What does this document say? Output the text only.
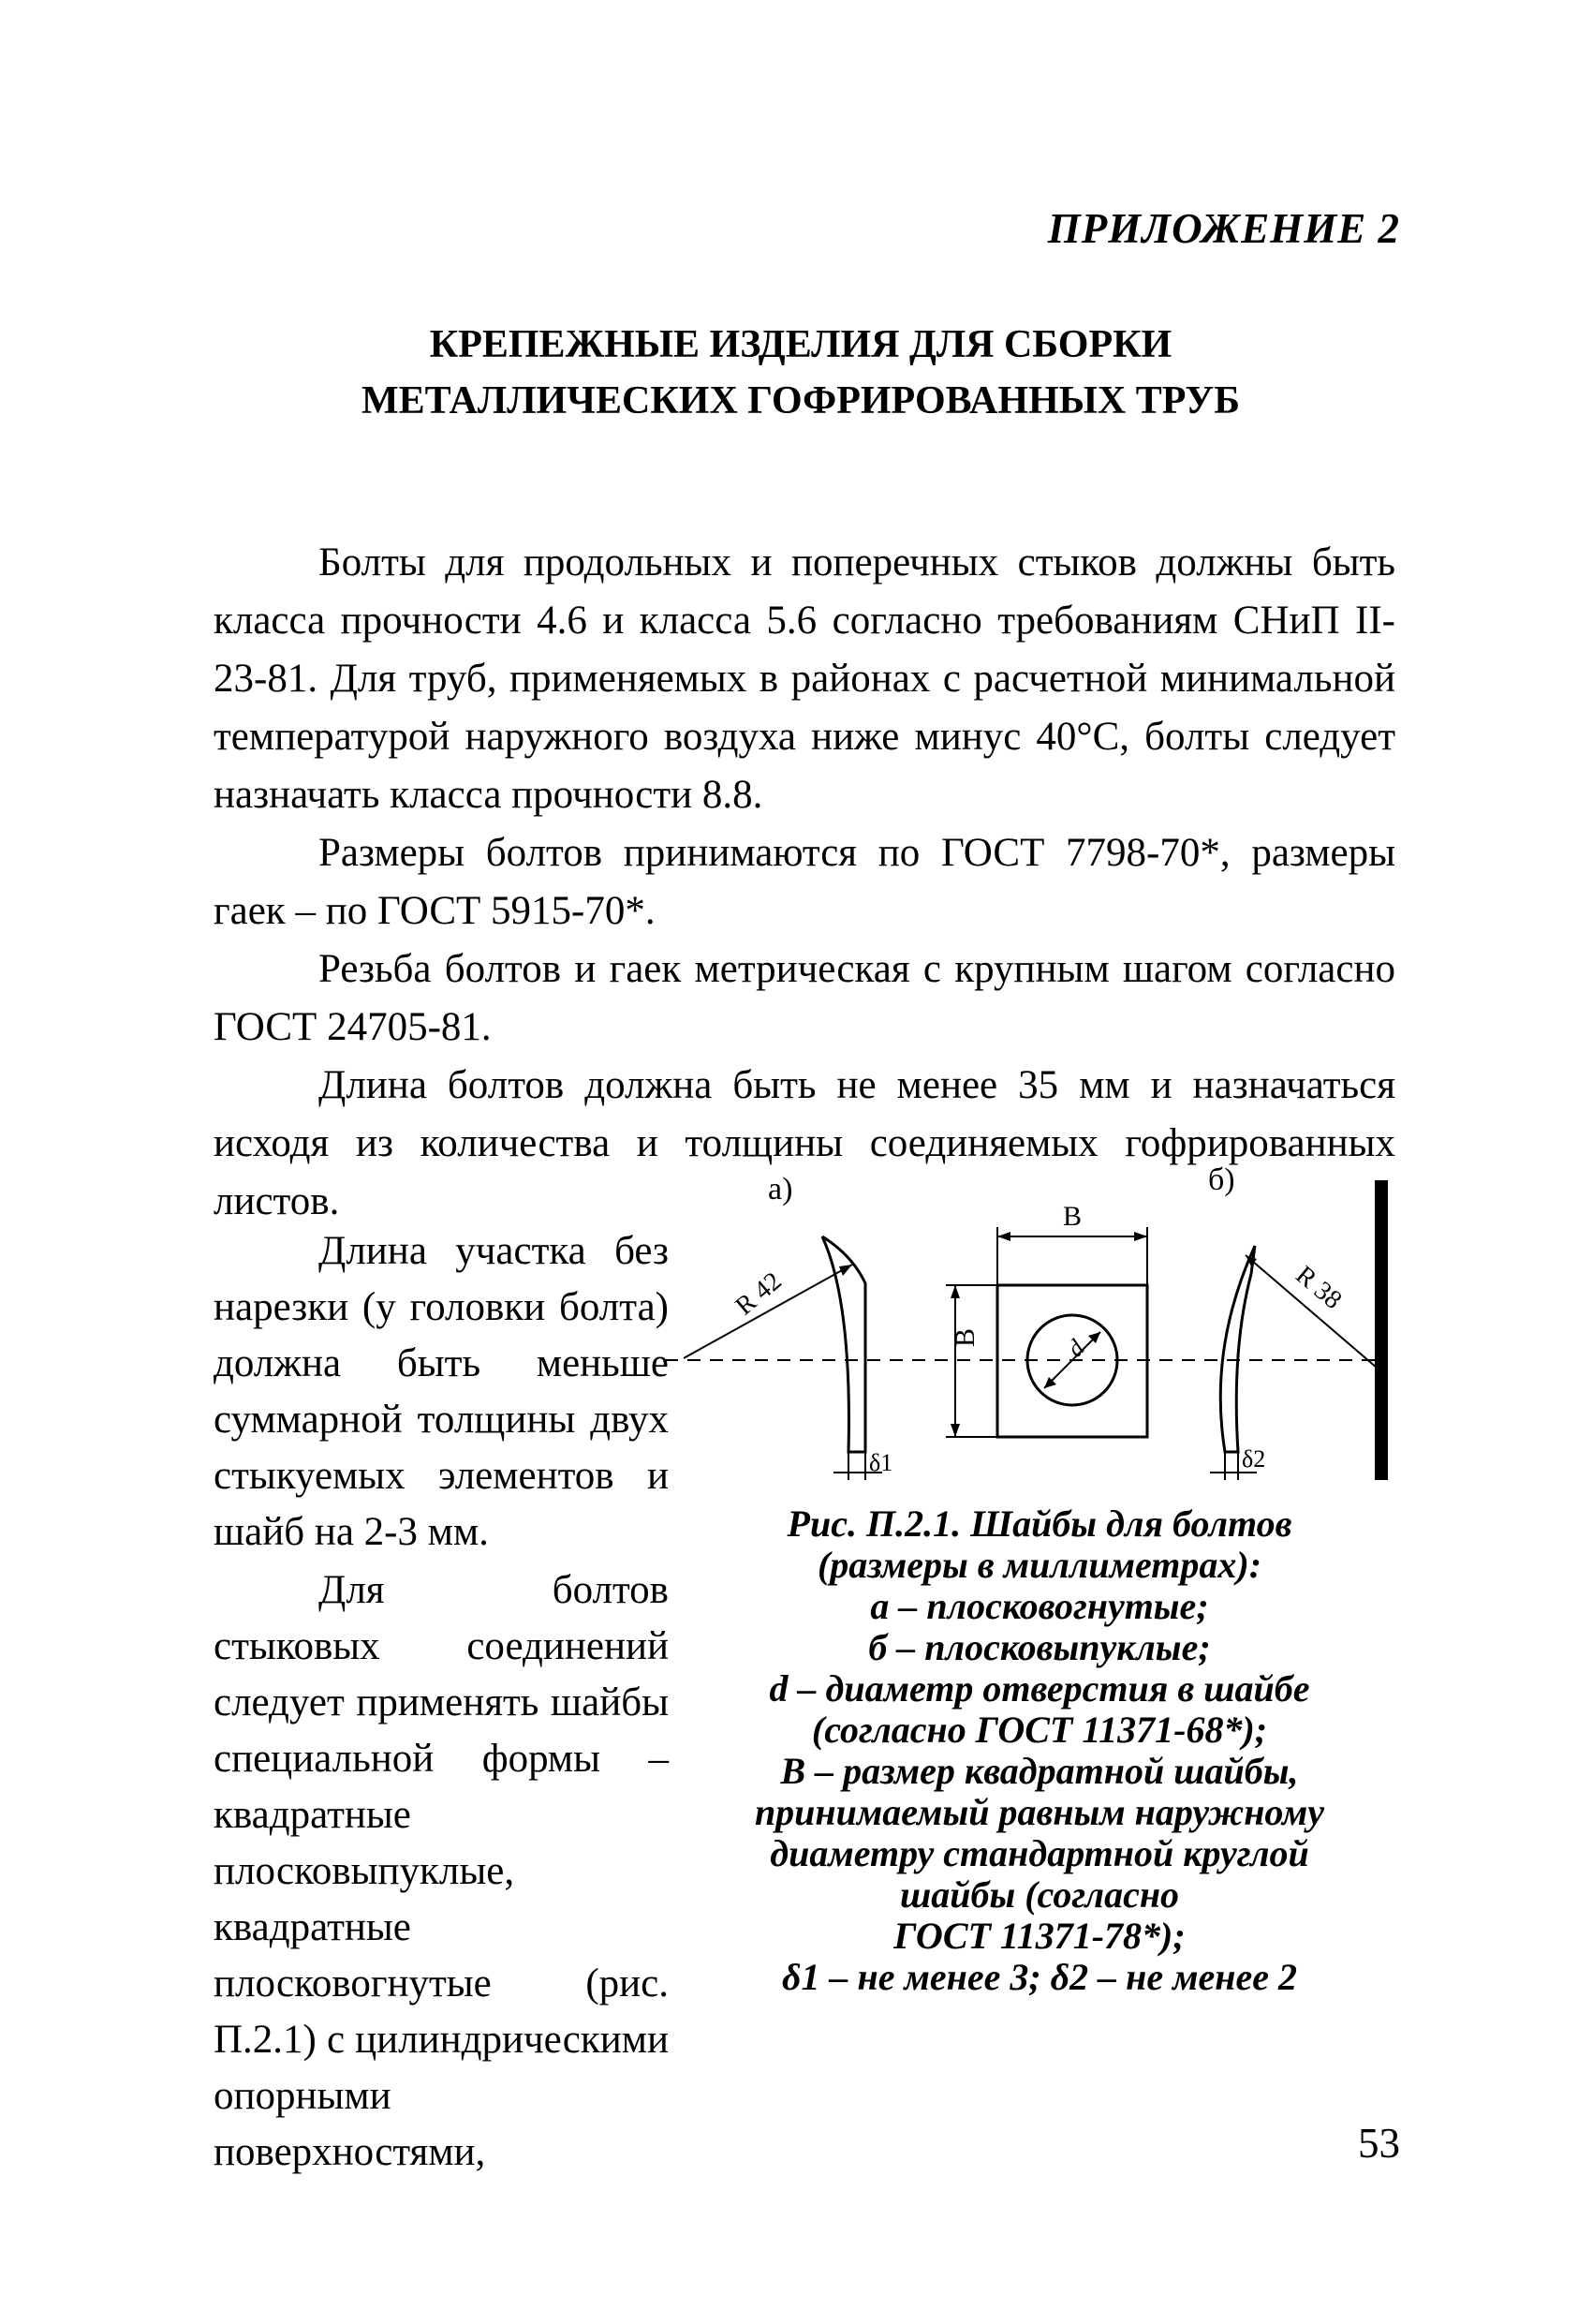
ПРИЛОЖЕНИЕ 2
КРЕПЕЖНЫЕ ИЗДЕЛИЯ ДЛЯ СБОРКИ
МЕТАЛЛИЧЕСКИХ ГОФРИРОВАННЫХ ТРУБ

Болты для продольных и поперечных стыков должны быть класса прочности 4.6 и класса 5.6 согласно требованиям СНиП II-23-81. Для труб, применяемых в районах с расчетной минимальной температурой наружного воздуха ниже минус 40°С, болты следует назначать класса прочности 8.8.

Размеры болтов принимаются по ГОСТ 7798-70*, размеры гаек – по ГОСТ 5915-70*.

Резьба болтов и гаек метрическая с крупным шагом согласно ГОСТ 24705-81.

Длина болтов должна быть не менее 35 мм и назначаться исходя из количества и толщины соединяемых гофрированных листов.

Длина участка без нарезки (у головки болта) должна быть меньше суммарной толщины двух стыкуемых элементов и шайб на 2-3 мм.

Для болтов стыковых соединений следует применять шайбы специальной формы – квадратные плосковыпуклые, квадратные плосковогнутые (рис. П.2.1) с цилиндрическими опорными поверхностями,

а)	б)
R 42
δ1
d
В
В
R 38
δ2
Рис. П.2.1. Шайбы для болтов
(размеры в миллиметрах):
а – плосковогнутые;
б – плосковыпуклые;
d – диаметр отверстия в шайбе
(согласно ГОСТ 11371-68*);
В – размер квадратной шайбы,
принимаемый равным наружному
диаметру стандартной круглой
шайбы (согласно
ГОСТ 11371-78*);
δ1 – не менее 3; δ2 – не менее 2
53
